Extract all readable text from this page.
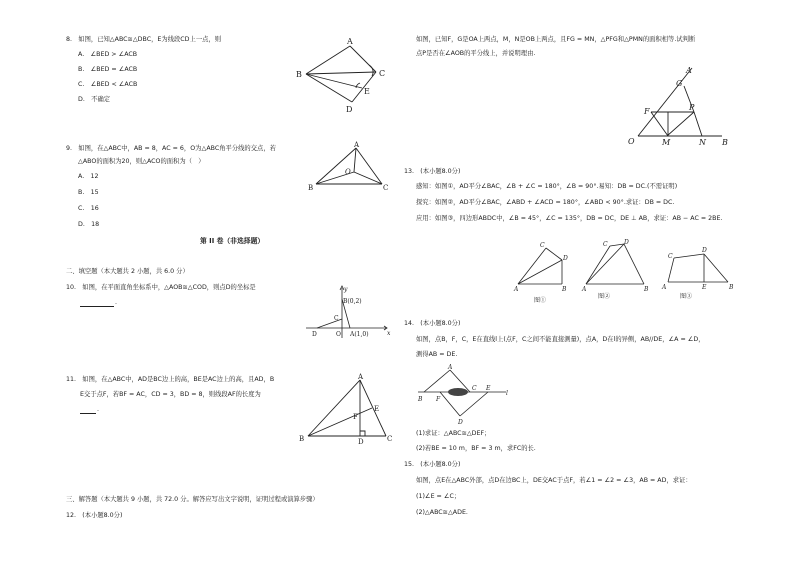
8.　如图，已知△ABC≅△DBC，E为线段CD上一点，则
A.　∠BED > ∠ACB
B.　∠BED = ∠ACB
C.　∠BED < ∠ACB
D.　不确定
A
B	C
E
D
9.　如图，在△ABC中，AB = 8，AC = 6，O为△ABC角平分线的交点，若
△ABO的面积为20，则△ACO的面积为（　）
A.　12
B.　15
C.　16
D.　18
A
B	C
O
第 II 卷（非选择题）
二、填空题（本大题共 2 小题，共 6.0 分）
10.　如图，在平面直角坐标系中，△AOB≅△COD，则点D的坐标是
.
y
x
B(0,2)
C
O A(1,0)
D
11.　如图，在△ABC中，AD是BC边上的高，BE是AC边上的高，且AD，B
E交于点F，若BF = AC，CD = 3，BD = 8，则线段AF的长度为
.
A
B	C
D
E
F
三、解答题（本大题共 9 小题，共 72.0 分。解答应写出文字说明，证明过程或演算步骤）
12.　(本小题8.0分)
如图，已知F，G是OA上两点，M，N是OB上两点，且FG = MN，△PFG和△PMN的面积相等.试判断
点P是否在∠AOB的平分线上，并说明理由.
A
G
F	P
O	M	N B
13.　(本小题8.0分)
感知：如图①，AD平分∠BAC，∠B + ∠C = 180°，∠B = 90°.易知：DB = DC.(不需证明)
探究：如图②，AD平分∠BAC，∠ABD + ∠ACD = 180°，∠ABD < 90°.求证：DB = DC.
应用：如图③，四边形ABDC中，∠B = 45°，∠C = 135°，DB = DC，DE ⊥ AB，求证：AB − AC = 2BE.
C
D
A	B
图①
C	D
A	B
图②
C
D
A	E	B
图③
14.　(本小题8.0分)
如图，点B，F，C，E在直线l上(点F，C之间不能直接测量)，点A，D在l的异侧，AB//DE，∠A = ∠D，
测得AB = DE.
A
B F
C E
D
l
(1)求证：△ABC≅△DEF；
(2)若BE = 10 m，BF = 3 m，求FC的长.
15.　(本小题8.0分)
如图，点E在△ABC外部，点D在边BC上，DE交AC于点F，若∠1 = ∠2 = ∠3，AB = AD，求证：
(1)∠E = ∠C；
(2)△ABC≅△ADE.
